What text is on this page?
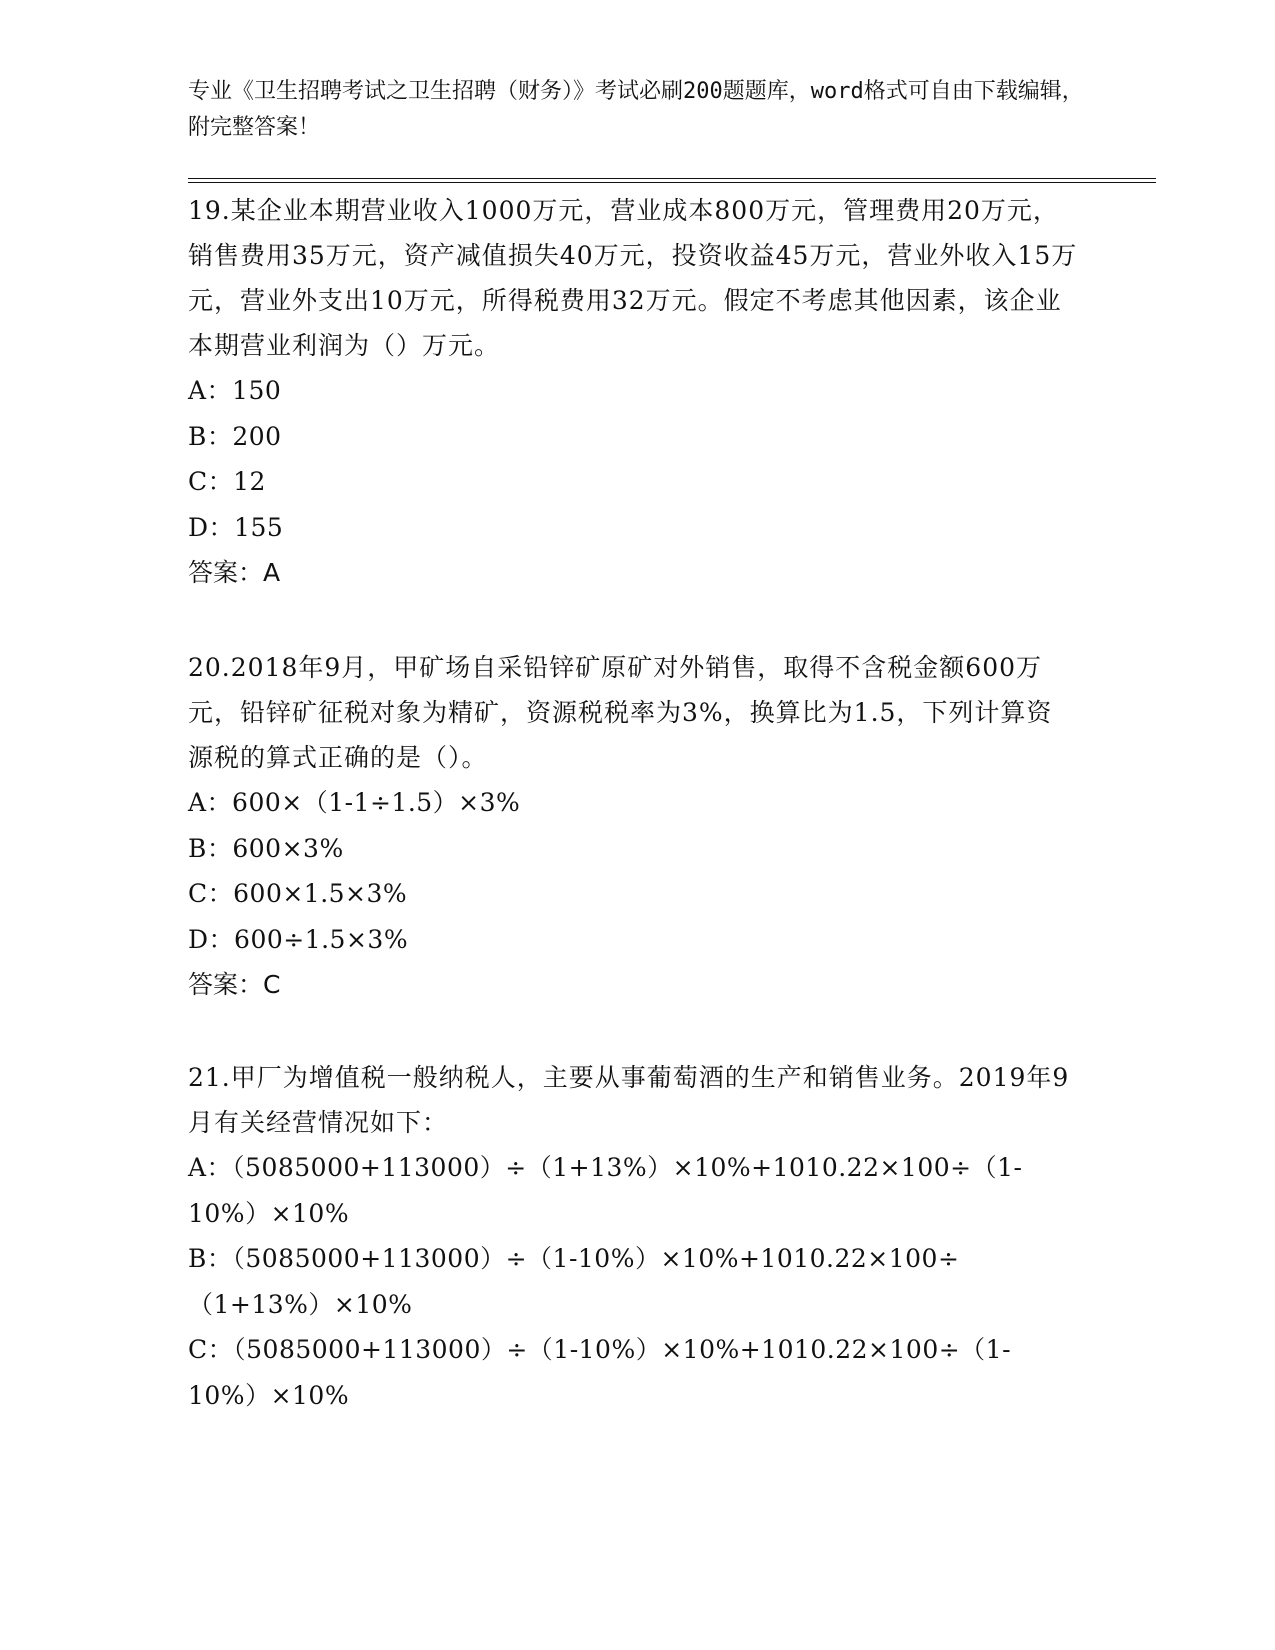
专业《卫生招聘考试之卫生招聘（财务）》考试必刷200题题库，word格式可自由下载编辑，附完整答案！

19.某企业本期营业收入1000万元，营业成本800万元，管理费用20万元，销售费用35万元，资产减值损失40万元，投资收益45万元，营业外收入15万元，营业外支出10万元，所得税费用32万元。假定不考虑其他因素，该企业本期营业利润为（）万元。

A：150

B：200

C：12

D：155

答案：A

20.2018年9月，甲矿场自采铅锌矿原矿对外销售，取得不含税金额600万元，铅锌矿征税对象为精矿，资源税税率为3%，换算比为1.5，下列计算资源税的算式正确的是（）。

A：600×（1-1÷1.5）×3%

B：600×3%

C：600×1.5×3%

D：600÷1.5×3%

答案：C

21.甲厂为增值税一般纳税人，主要从事葡萄酒的生产和销售业务。2019年9月有关经营情况如下：

A：（5085000+113000）÷（1+13%）×10%+1010.22×100÷（1-10%）×10%

B：（5085000+113000）÷（1-10%）×10%+1010.22×100÷（1+13%）×10%

C：（5085000+113000）÷（1-10%）×10%+1010.22×100÷（1-10%）×10%
